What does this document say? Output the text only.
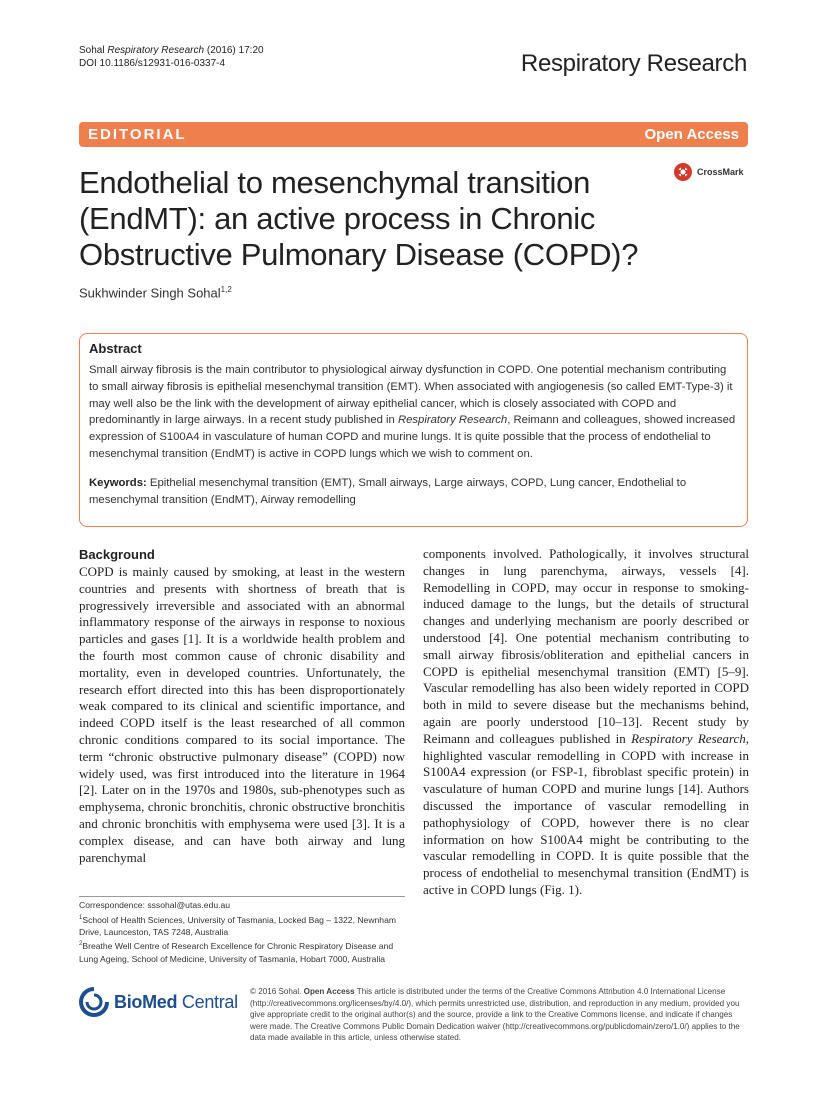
Sohal Respiratory Research (2016) 17:20
DOI 10.1186/s12931-016-0337-4	Respiratory Research
EDITORIAL	Open Access
CrossMark
Endothelial to mesenchymal transition (EndMT): an active process in Chronic Obstructive Pulmonary Disease (COPD)?
Sukhwinder Singh Sohal$^{1,2}$
Abstract

Small airway fibrosis is the main contributor to physiological airway dysfunction in COPD. One potential mechanism contributing to small airway fibrosis is epithelial mesenchymal transition (EMT). When associated with angiogenesis (so called EMT-Type-3) it may well also be the link with the development of airway epithelial cancer, which is closely associated with COPD and predominantly in large airways. In a recent study published in Respiratory Research, Reimann and colleagues, showed increased expression of S100A4 in vasculature of human COPD and murine lungs. It is quite possible that the process of endothelial to mesenchymal transition (EndMT) is active in COPD lungs which we wish to comment on.

Keywords: Epithelial mesenchymal transition (EMT), Small airways, Large airways, COPD, Lung cancer, Endothelial to mesenchymal transition (EndMT), Airway remodelling

Background

COPD is mainly caused by smoking, at least in the western countries and presents with shortness of breath that is progressively irreversible and associated with an abnormal inflammatory response of the airways in response to noxious particles and gases [1]. It is a worldwide health problem and the fourth most common cause of chronic disability and mortality, even in developed countries. Unfortunately, the research effort directed into this has been disproportionately weak compared to its clinical and scientific importance, and indeed COPD itself is the least researched of all common chronic conditions compared to its social importance. The term “chronic obstructive pulmonary disease” (COPD) now widely used, was first introduced into the literature in 1964 [2]. Later on in the 1970s and 1980s, sub-phenotypes such as emphysema, chronic bronchitis, chronic obstructive bronchitis and chronic bronchitis with emphysema were used [3]. It is a complex disease, and can have both airway and lung parenchymal

components involved. Pathologically, it involves structural changes in lung parenchyma, airways, vessels [4]. Remodelling in COPD, may occur in response to smoking-induced damage to the lungs, but the details of structural changes and underlying mechanism are poorly described or understood [4]. One potential mechanism contributing to small airway fibrosis/obliteration and epithelial cancers in COPD is epithelial mesenchymal transition (EMT) [5–9]. Vascular remodelling has also been widely reported in COPD both in mild to severe disease but the mechanisms behind, again are poorly understood [10–13]. Recent study by Reimann and colleagues published in Respiratory Research, highlighted vascular remodelling in COPD with increase in S100A4 expression (or FSP-1, fibroblast specific protein) in vasculature of human COPD and murine lungs [14]. Authors discussed the importance of vascular remodelling in pathophysiology of COPD, however there is no clear information on how S100A4 might be contributing to the vascular remodelling in COPD. It is quite possible that the process of endothelial to mesenchymal transition (EndMT) is active in COPD lungs (Fig. 1).

Correspondence: sssohal@utas.edu.au
$^1$School of Health Sciences, University of Tasmania, Locked Bag – 1322, Newnham Drive, Launceston, TAS 7248, Australia
$^2$Breathe Well Centre of Research Excellence for Chronic Respiratory Disease and Lung Ageing, School of Medicine, University of Tasmania, Hobart 7000, Australia
BioMed Central © 2016 Sohal. Open Access This article is distributed under the terms of the Creative Commons Attribution 4.0 International License (http://creativecommons.org/licenses/by/4.0/), which permits unrestricted use, distribution, and reproduction in any medium, provided you give appropriate credit to the original author(s) and the source, provide a link to the Creative Commons license, and indicate if changes were made. The Creative Commons Public Domain Dedication waiver (http://creativecommons.org/publicdomain/zero/1.0/) applies to the data made available in this article, unless otherwise stated.
